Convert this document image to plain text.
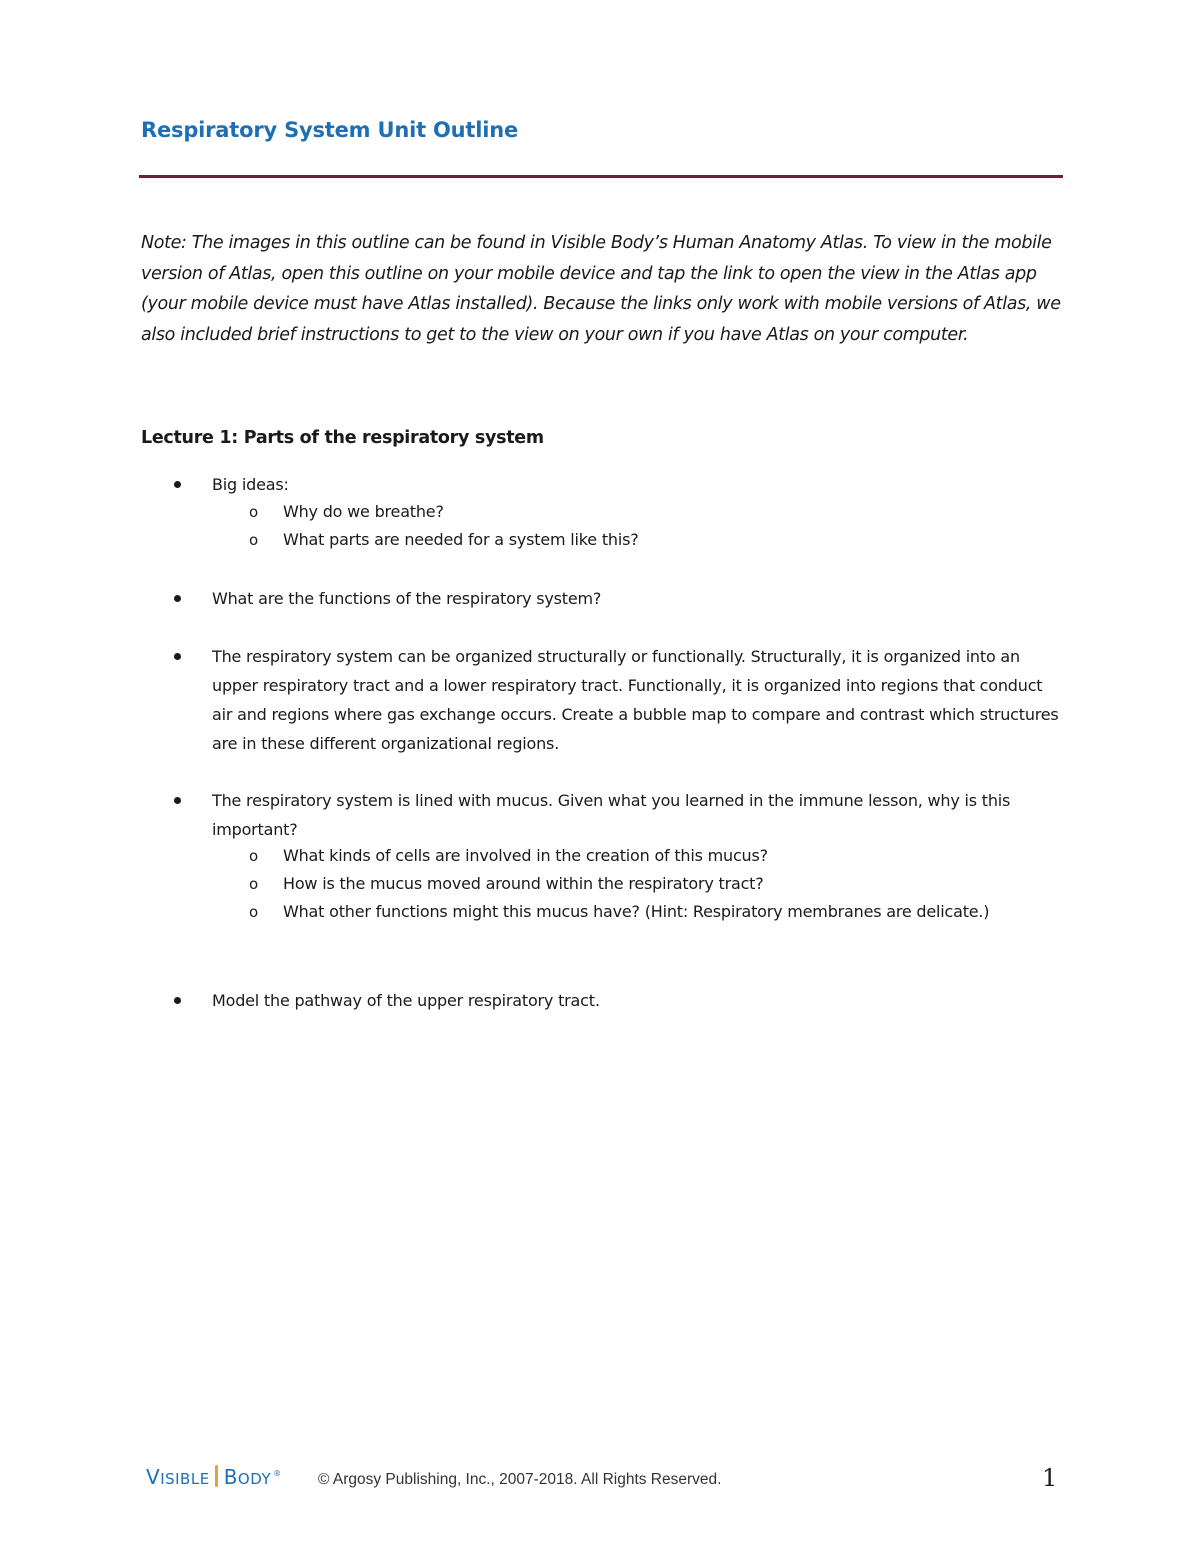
Respiratory System Unit Outline

Note: The images in this outline can be found in Visible Body’s Human Anatomy Atlas. To view in the mobile version of Atlas, open this outline on your mobile device and tap the link to open the view in the Atlas app (your mobile device must have Atlas installed). Because the links only work with mobile versions of Atlas, we also included brief instructions to get to the view on your own if you have Atlas on your computer.

Lecture 1: Parts of the respiratory system
Big ideas:
o Why do we breathe?
o What parts are needed for a system like this?
What are the functions of the respiratory system?
The respiratory system can be organized structurally or functionally. Structurally, it is organized into an upper respiratory tract and a lower respiratory tract. Functionally, it is organized into regions that conduct air and regions where gas exchange occurs. Create a bubble map to compare and contrast which structures are in these different organizational regions.
The respiratory system is lined with mucus. Given what you learned in the immune lesson, why is this important?
o What kinds of cells are involved in the creation of this mucus?
o How is the mucus moved around within the respiratory tract?
o What other functions might this mucus have? (Hint: Respiratory membranes are delicate.)
Model the pathway of the upper respiratory tract.
VISIBLE BODY ® © Argosy Publishing, Inc., 2007-2018. All Rights Reserved.	1
